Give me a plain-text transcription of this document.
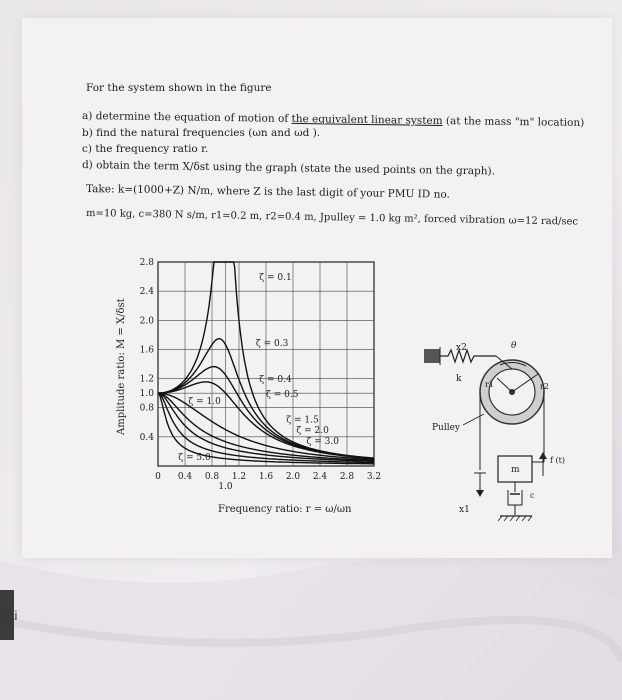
For the system shown in the figure
a) determine the equation of motion of the equivalent linear system (at the mass "m" location)
b) find the natural frequencies (ωn and ωd ).
c) the frequency ratio r.
d) obtain the term X/δst using the graph (state the used points on the graph).
Take: k=(1000+Z) N/m, where Z is the last digit of your PMU ID no.
m=10 kg, c=380 N s/m, r1=0.2 m, r2=0.4 m, Jpulley = 1.0 kg m², forced vibration ω=12 rad/sec
0 0.4 0.8
1.0
1.2 1.6 2.0 2.4 2.8 3.2
2.8
2.4
2.0
1.6
1.2
1.0
0.8
0.4
ζ = 0.1
ζ = 0.3
ζ = 0.4
ζ = 0.5
ζ = 1.0
ζ = 1.5
ζ = 2.0
ζ = 3.0
ζ = 5.0
Amplitude ratio: M = X/δst
Frequency ratio: r = ω/ωn
x2
k
θ
r1	r2
Pulley
m
f (t)
c
x1
hai
